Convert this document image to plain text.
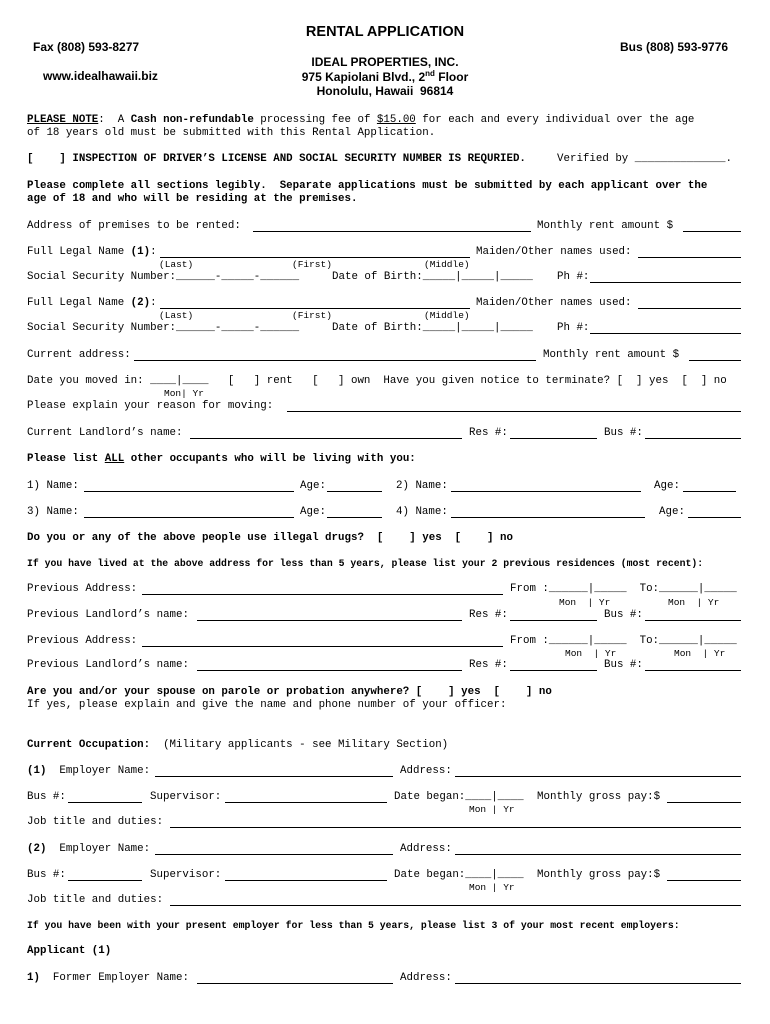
RENTAL APPLICATION
Fax (808) 593-8277	Bus (808) 593-9776
IDEAL PROPERTIES, INC.
www.idealhawaii.biz	975 Kapiolani Blvd., 2nd Floor
Honolulu, Hawaii  96814
PLEASE NOTE:  A Cash non-refundable processing fee of $15.00 for each and every individual over the age
of 18 years old must be submitted with this Rental Application.
[    ] INSPECTION OF DRIVER’S LICENSE AND SOCIAL SECURITY NUMBER IS REQURIED.	Verified by ______________.
Please complete all sections legibly.  Separate applications must be submitted by each applicant over the
age of 18 and who will be residing at the premises.
Address of premises to be rented:	Monthly rent amount $
Full Legal Name (1):	Maiden/Other names used:
(Last)	(First)	(Middle)
Social Security Number:______-_____-______	Date of Birth:_____|_____|_____ Ph #:
Full Legal Name (2):	Maiden/Other names used:
(Last)	(First)	(Middle)
Social Security Number:______-_____-______	Date of Birth:_____|_____|_____ Ph #:
Current address:	Monthly rent amount $
Date you moved in: ____|____   [   ] rent   [   ] own  Have you given notice to terminate? [  ] yes  [  ] no
Mon| Yr
Please explain your reason for moving:
Current Landlord’s name:	Res #:	Bus #:
Please list ALL other occupants who will be living with you:
1) Name:	Age:	2) Name:	Age:
3) Name:	Age:	4) Name:	Age:
Do you or any of the above people use illegal drugs?  [    ] yes  [    ] no
If you have lived at the above address for less than 5 years, please list your 2 previous residences (most recent):
Previous Address:	From :______|_____  To:______|_____
Mon  | Yr	Mon  | Yr
Previous Landlord’s name:	Res #:	Bus #:
Previous Address:	From :______|_____  To:______|_____
Mon  | Yr	Mon  | Yr
Previous Landlord’s name:	Res #:	Bus #:
Are you and/or your spouse on parole or probation anywhere? [    ] yes  [    ] no
If yes, please explain and give the name and phone number of your officer:
Current Occupation:  (Military applicants - see Military Section)
(1)  Employer Name:	Address:
Bus #:	Supervisor:	Date began:____|____ Monthly gross pay:$
Mon | Yr
Job title and duties:
(2)  Employer Name:	Address:
Bus #:	Supervisor:	Date began:____|____ Monthly gross pay:$
Mon | Yr
Job title and duties:
If you have been with your present employer for less than 5 years, please list 3 of your most recent employers:
Applicant (1)
1)  Former Employer Name:	Address:
